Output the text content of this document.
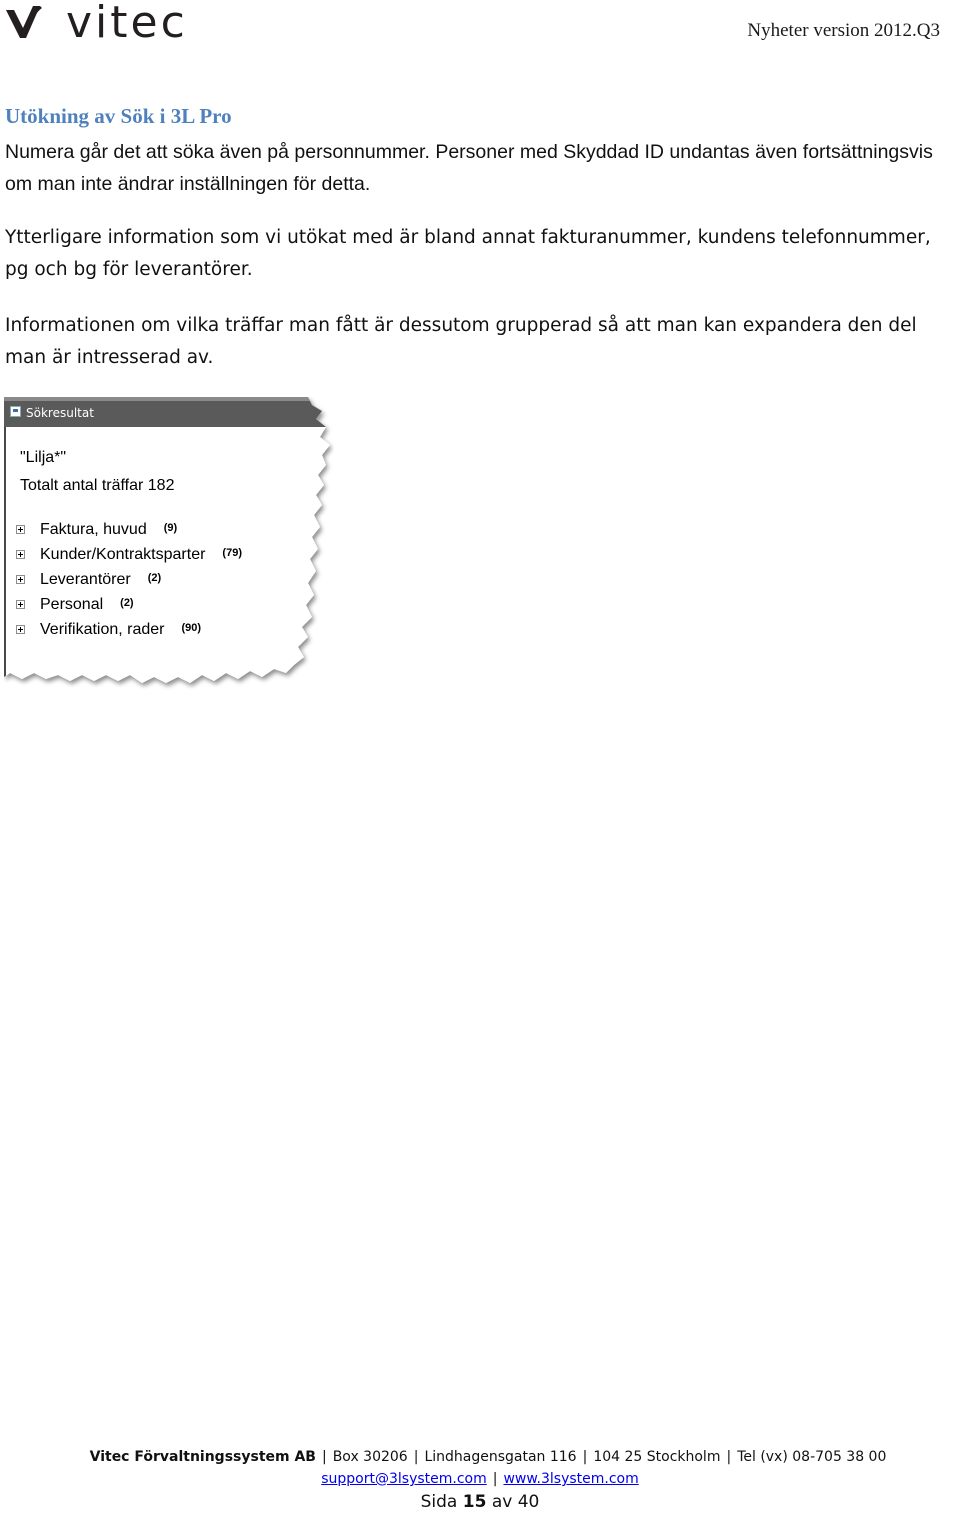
vitec	Nyheter version 2012.Q3
Utökning av Sök i 3L Pro

Numera går det att söka även på personnummer. Personer med Skyddad ID undantas även fortsättningsvis om man inte ändrar inställningen för detta.

Ytterligare information som vi utökat med är bland annat fakturanummer, kundens telefonnummer, pg och bg för leverantörer.

Informationen om vilka träffar man fått är dessutom grupperad så att man kan expandera den del man är intresserad av.

Sökresultat
"Lilja*"
Totalt antal träffar 182
Faktura, huvud (9)
Kunder/Kontraktsparter (79)
Leverantörer (2)
Personal (2)
Verifikation, rader (90)
Vitec Förvaltningssystem AB | Box 30206 | Lindhagensgatan 116 | 104 25 Stockholm | Tel (vx) 08-705 38 00
support@3lsystem.com | www.3lsystem.com
Sida 15 av 40
